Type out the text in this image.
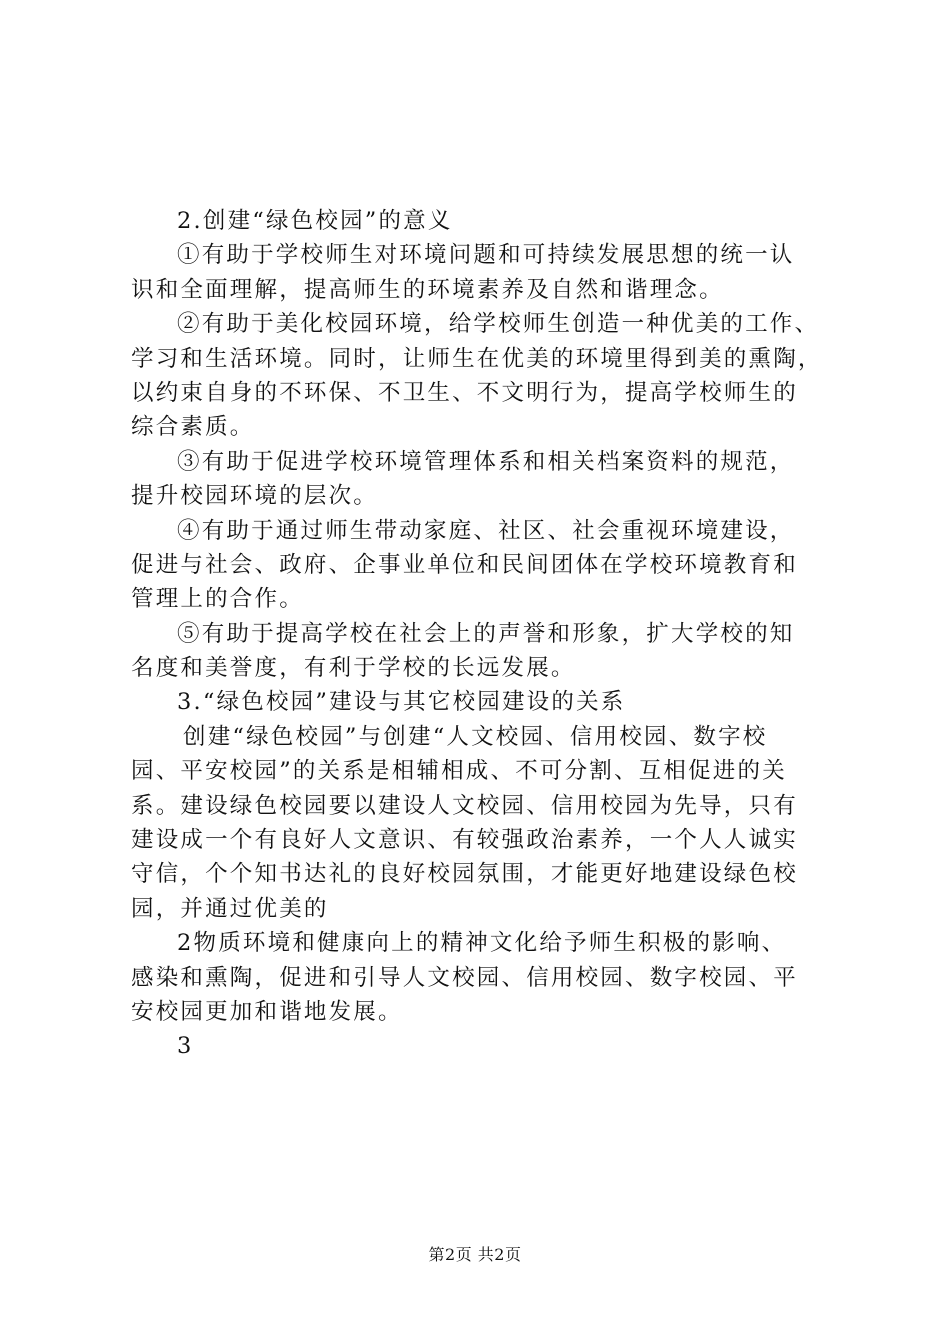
2.创建“绿色校园”的意义
①有助于学校师生对环境问题和可持续发展思想的统一认
识和全面理解，提高师生的环境素养及自然和谐理念。
②有助于美化校园环境，给学校师生创造一种优美的工作、
学习和生活环境。同时，让师生在优美的环境里得到美的熏陶，
以约束自身的不环保、不卫生、不文明行为，提高学校师生的
综合素质。
③有助于促进学校环境管理体系和相关档案资料的规范，
提升校园环境的层次。
④有助于通过师生带动家庭、社区、社会重视环境建设，
促进与社会、政府、企事业单位和民间团体在学校环境教育和
管理上的合作。
⑤有助于提高学校在社会上的声誉和形象，扩大学校的知
名度和美誉度，有利于学校的长远发展。
3.“绿色校园”建设与其它校园建设的关系
创建“绿色校园”与创建“人文校园、信用校园、数字校
园、平安校园”的关系是相辅相成、不可分割、互相促进的关
系。建设绿色校园要以建设人文校园、信用校园为先导，只有
建设成一个有良好人文意识、有较强政治素养，一个人人诚实
守信，个个知书达礼的良好校园氛围，才能更好地建设绿色校
园，并通过优美的
2物质环境和健康向上的精神文化给予师生积极的影响、
感染和熏陶，促进和引导人文校园、信用校园、数字校园、平
安校园更加和谐地发展。
3
第2页 共2页
